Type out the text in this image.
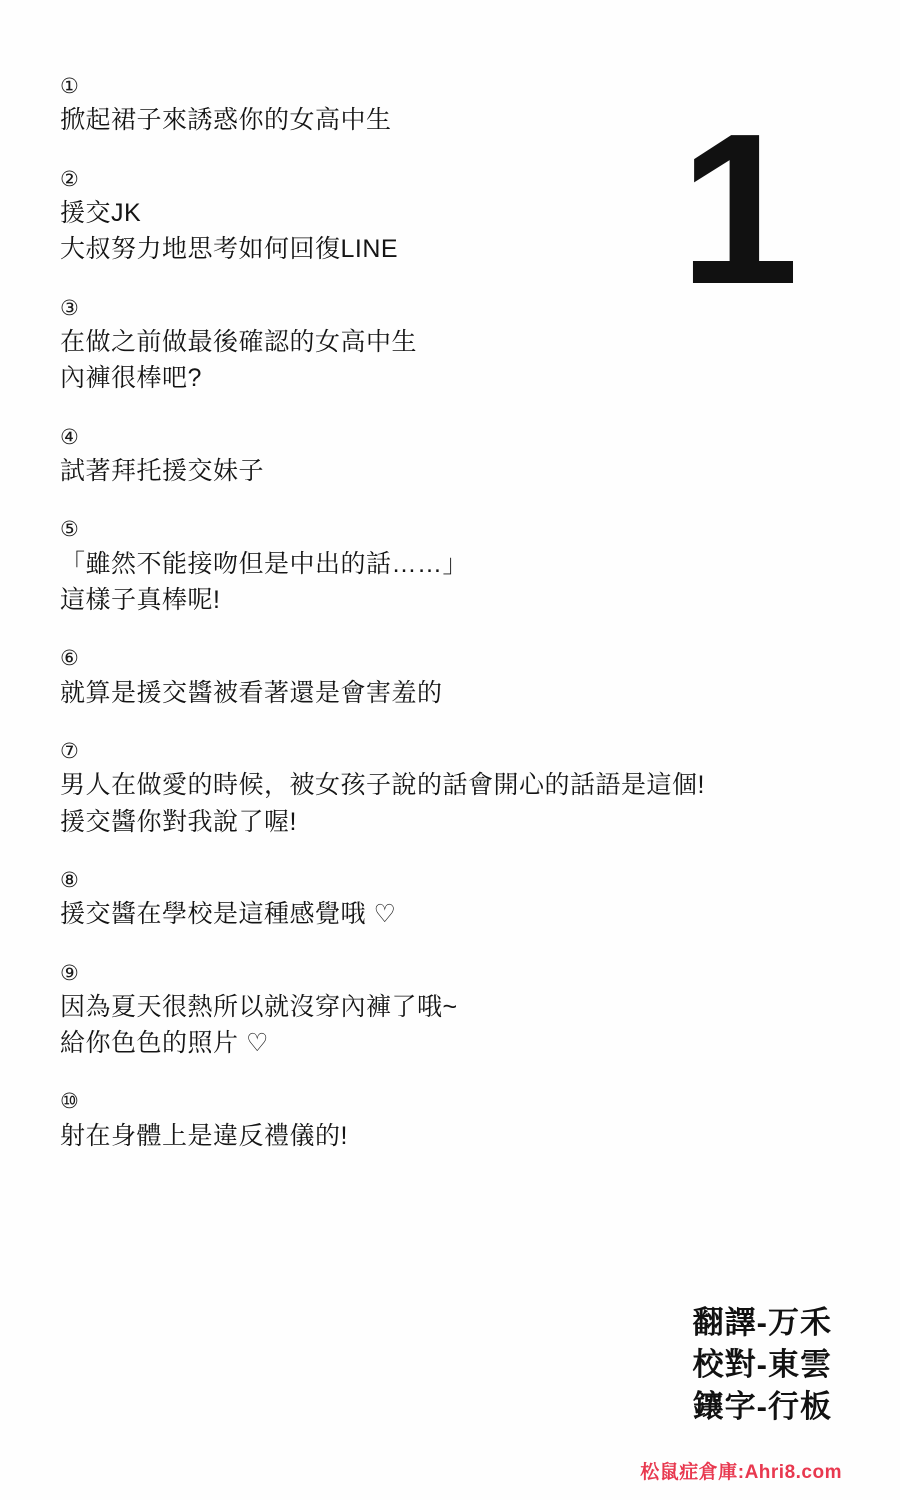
1
①
掀起裙子來誘惑你的女高中生
②
援交JK
大叔努力地思考如何回復LINE
③
在做之前做最後確認的女高中生
內褲很棒吧?
④
試著拜托援交妹子
⑤
「雖然不能接吻但是中出的話……」
這樣子真棒呢!
⑥
就算是援交醬被看著還是會害羞的
⑦
男人在做愛的時候，被女孩子說的話會開心的話語是這個!
援交醬你對我說了喔!
⑧
援交醬在學校是這種感覺哦 ♡
⑨
因為夏天很熱所以就沒穿內褲了哦~
給你色色的照片 ♡
⑩
射在身體上是違反禮儀的!
翻譯-万禾
校對-東雲
鑲字-行板
松鼠症倉庫:Ahri8.com
